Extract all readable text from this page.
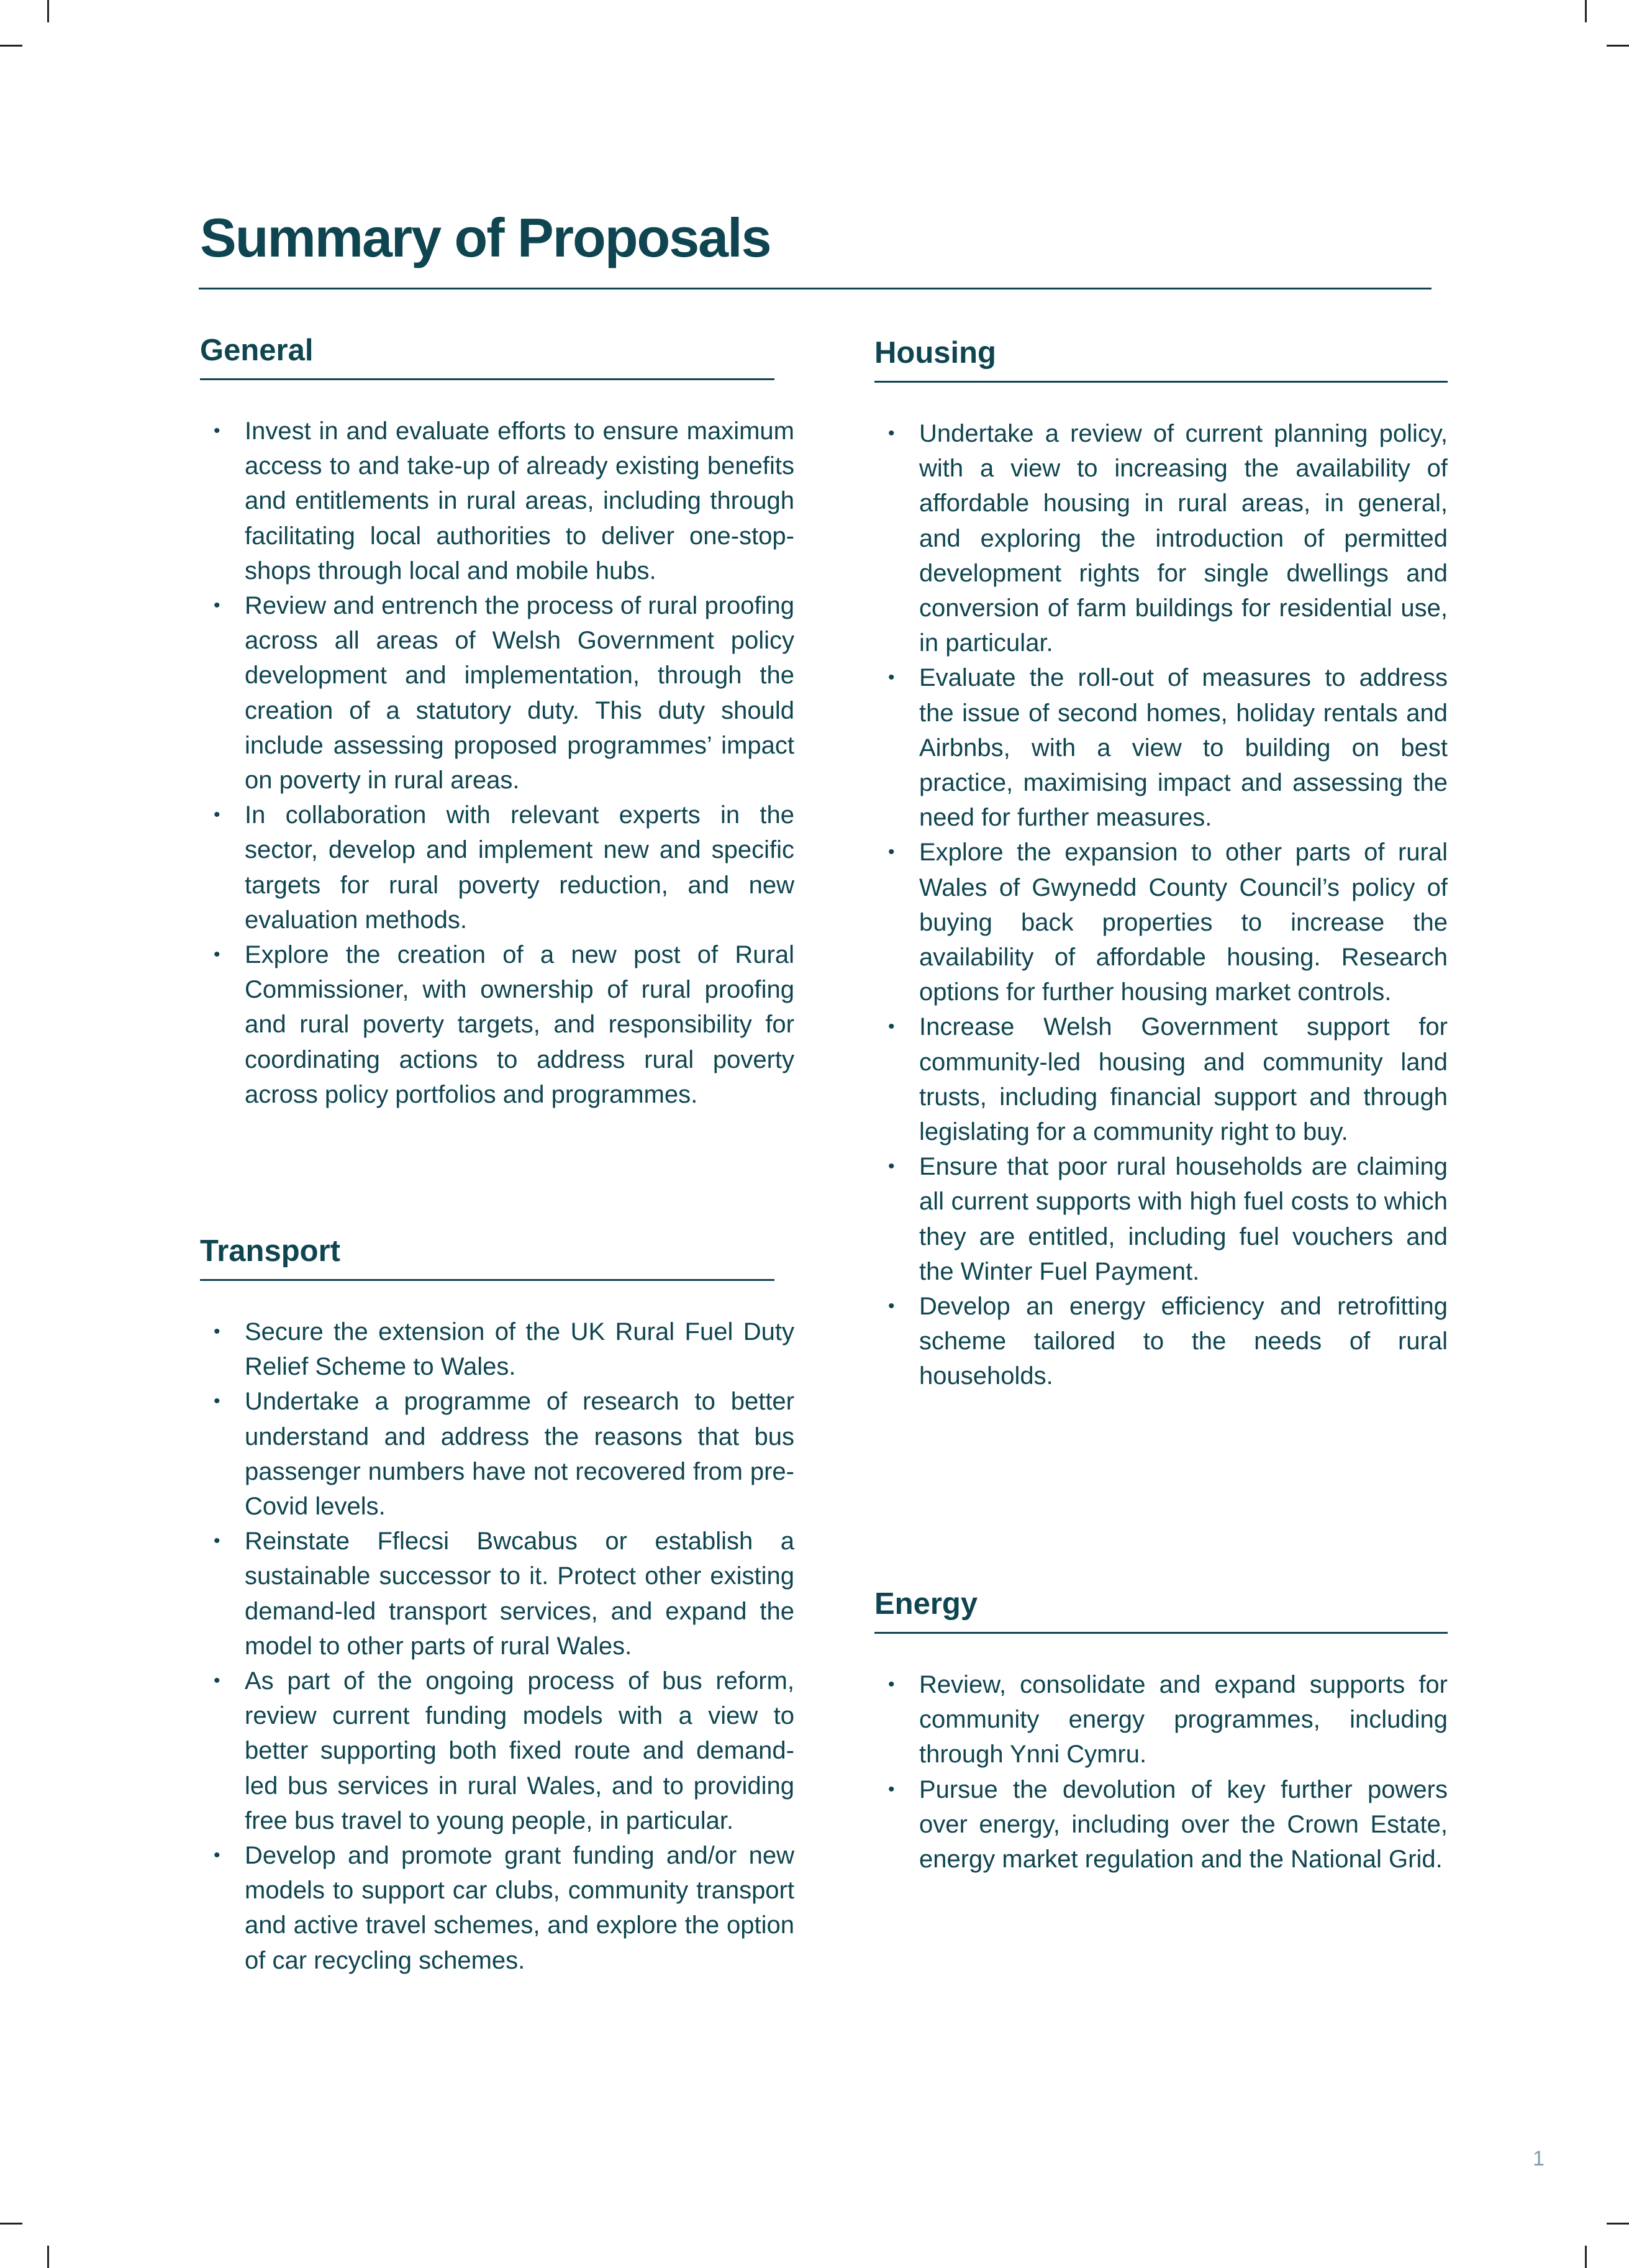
Summary of Proposals
General
• Invest in and evaluate efforts to ensure maximum access to and take-up of already existing benefits and entitlements in rural areas, including through facilitating local authorities to deliver one-stop-shops through local and mobile hubs.
• Review and entrench the process of rural proofing across all areas of Welsh Government policy development and implementation, through the creation of a statutory duty. This duty should include assessing proposed programmes’ impact on poverty in rural areas.
• In collaboration with relevant experts in the sector, develop and implement new and specific targets for rural poverty reduction, and new evaluation methods.
• Explore the creation of a new post of Rural Commissioner, with ownership of rural proofing and rural poverty targets, and responsibility for coordinating actions to address rural poverty across policy portfolios and programmes.
Transport
• Secure the extension of the UK Rural Fuel Duty Relief Scheme to Wales.
• Undertake a programme of research to better understand and address the reasons that bus passenger numbers have not recovered from pre-Covid levels.
• Reinstate Fflecsi Bwcabus or establish a sustainable successor to it. Protect other existing demand-led transport services, and expand the model to other parts of rural Wales.
• As part of the ongoing process of bus reform, review current funding models with a view to better supporting both fixed route and demand-led bus services in rural Wales, and to providing free bus travel to young people, in particular.
• Develop and promote grant funding and/or new models to support car clubs, community transport and active travel schemes, and explore the option of car recycling schemes.
Housing
• Undertake a review of current planning policy, with a view to increasing the availability of affordable housing in rural areas, in general, and exploring the introduction of permitted development rights for single dwellings and conversion of farm buildings for residential use, in particular.
• Evaluate the roll-out of measures to address the issue of second homes, holiday rentals and Airbnbs, with a view to building on best practice, maximising impact and assessing the need for further measures.
• Explore the expansion to other parts of rural Wales of Gwynedd County Council’s policy of buying back properties to increase the availability of affordable housing. Research options for further housing market controls.
• Increase Welsh Government support for community-led housing and community land trusts, including financial support and through legislating for a community right to buy.
• Ensure that poor rural households are claiming all current supports with high fuel costs to which they are entitled, including fuel vouchers and the Winter Fuel Payment.
• Develop an energy efficiency and retrofitting scheme tailored to the needs of rural households.
Energy
• Review, consolidate and expand supports for community energy programmes, including through Ynni Cymru.
• Pursue the devolution of key further powers over energy, including over the Crown Estate, energy market regulation and the National Grid.
1
